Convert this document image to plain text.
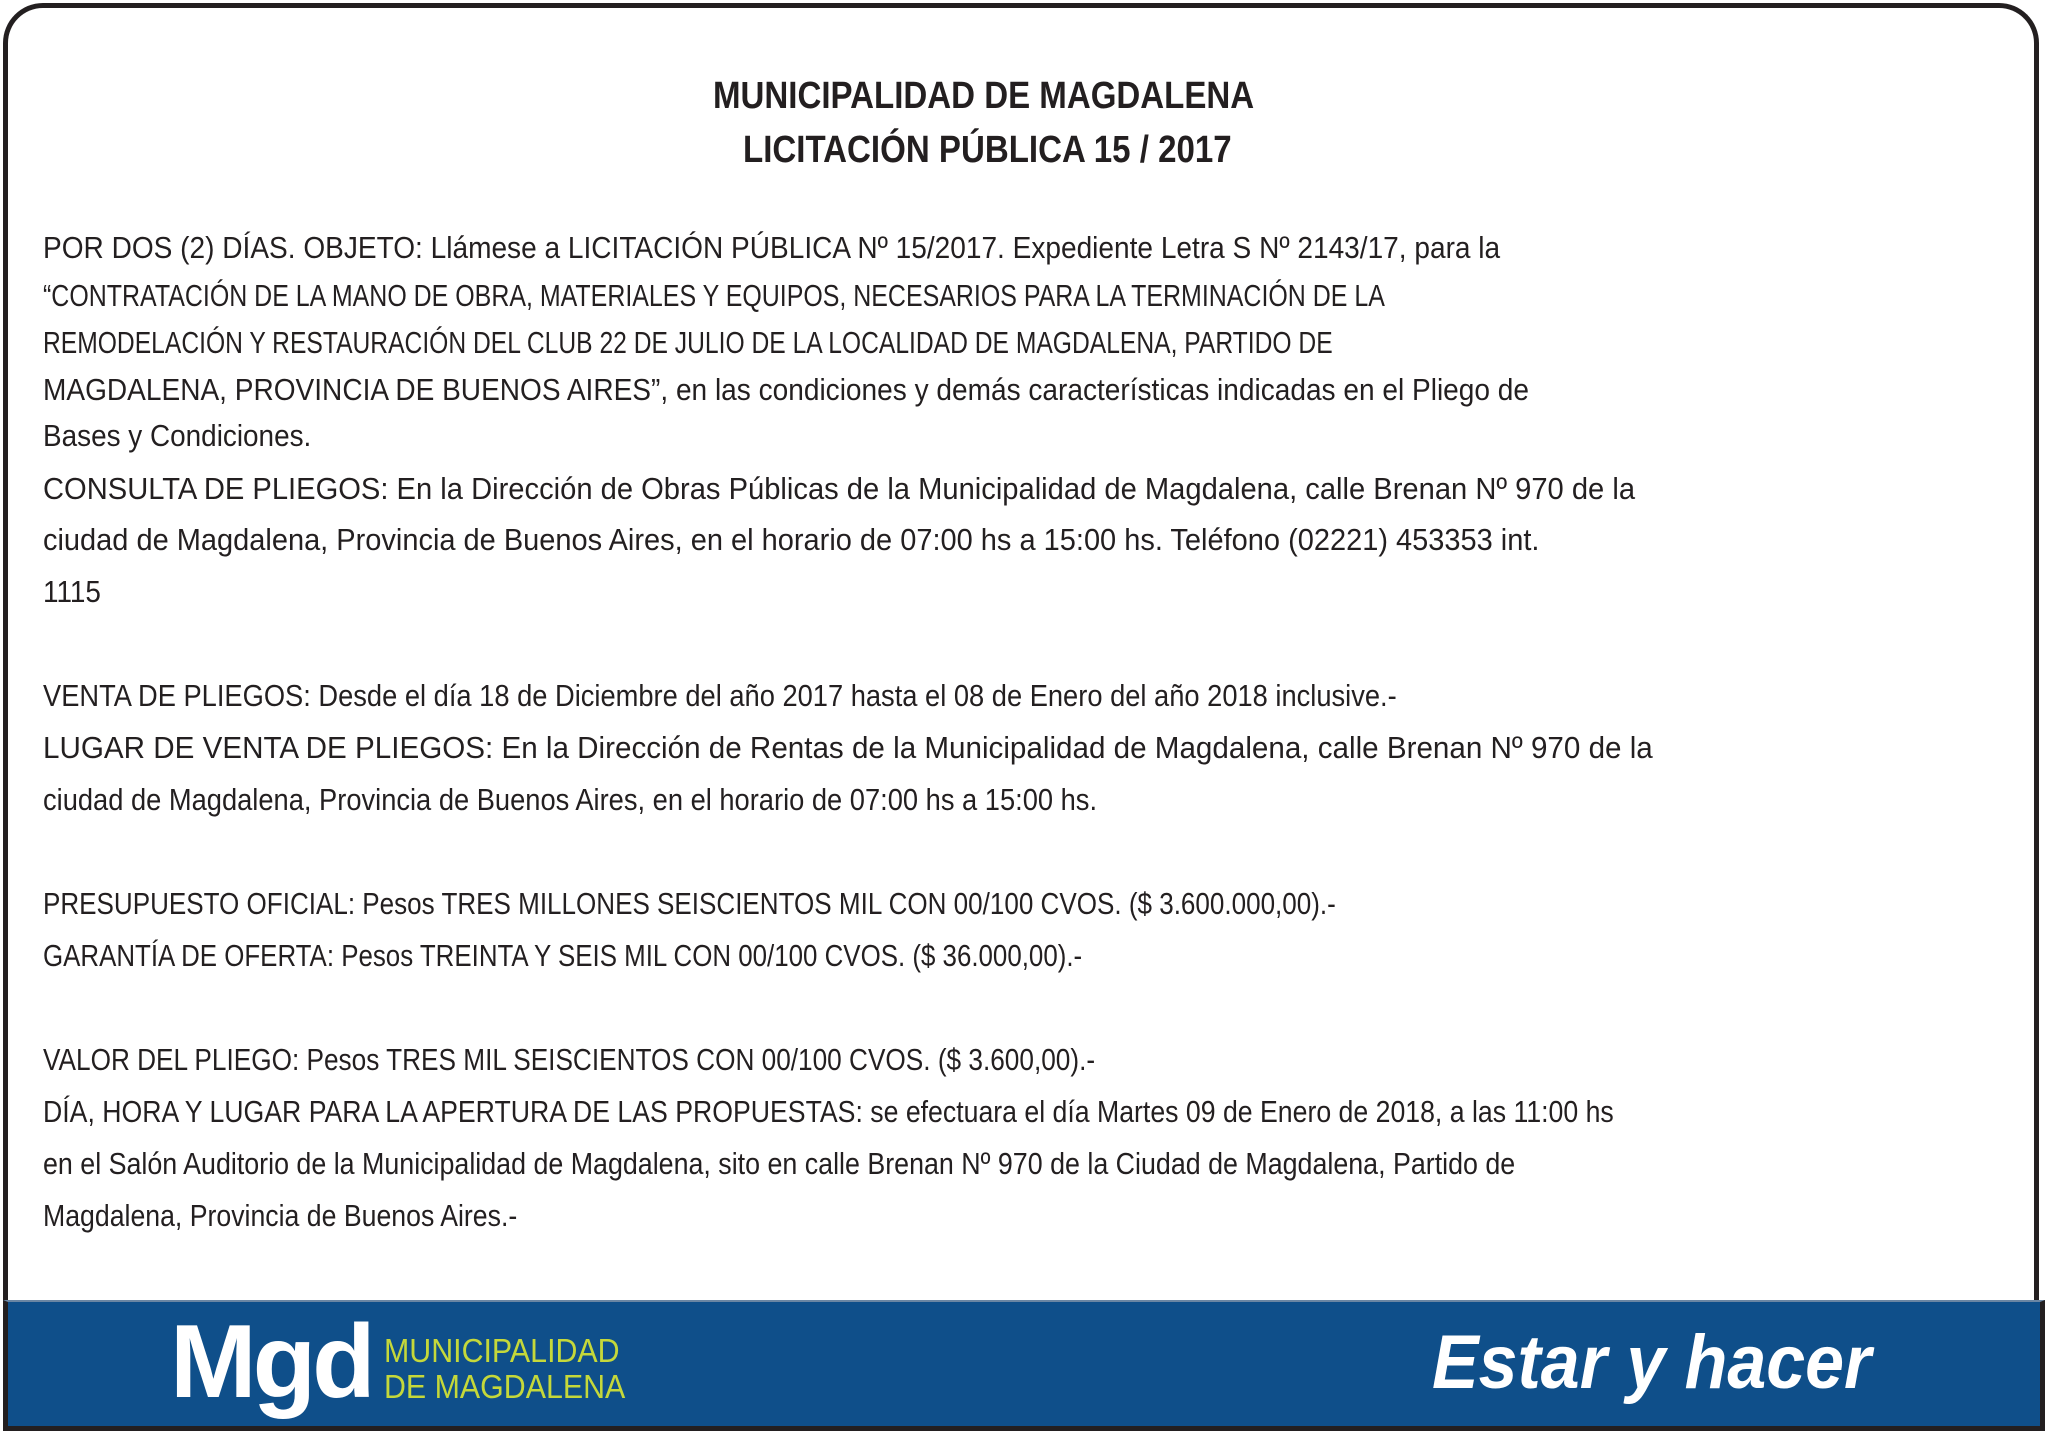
MUNICIPALIDAD DE MAGDALENA
LICITACIÓN PÚBLICA 15 / 2017
POR DOS (2) DÍAS. OBJETO: Llámese a LICITACIÓN PÚBLICA Nº 15/2017. Expediente Letra S Nº 2143/17, para la
“CONTRATACIÓN DE LA MANO DE OBRA, MATERIALES Y EQUIPOS, NECESARIOS PARA LA TERMINACIÓN DE LA
REMODELACIÓN Y RESTAURACIÓN DEL CLUB 22 DE JULIO DE LA LOCALIDAD DE MAGDALENA, PARTIDO DE
MAGDALENA, PROVINCIA DE BUENOS AIRES”, en las condiciones y demás características indicadas en el Pliego de
Bases y Condiciones.
CONSULTA DE PLIEGOS: En la Dirección de Obras Públicas de la Municipalidad de Magdalena, calle Brenan Nº 970 de la
ciudad de Magdalena, Provincia de Buenos Aires, en el horario de 07:00 hs a 15:00 hs. Teléfono (02221) 453353 int.
1115
VENTA DE PLIEGOS: Desde el día 18 de Diciembre del año 2017 hasta el 08 de Enero del año 2018 inclusive.-
LUGAR DE VENTA DE PLIEGOS: En la Dirección de Rentas de la Municipalidad de Magdalena, calle Brenan Nº 970 de la
ciudad de Magdalena, Provincia de Buenos Aires, en el horario de 07:00 hs a 15:00 hs.
PRESUPUESTO OFICIAL: Pesos TRES MILLONES SEISCIENTOS MIL CON 00/100 CVOS. ($ 3.600.000,00).-
GARANTÍA DE OFERTA: Pesos TREINTA Y SEIS MIL CON 00/100 CVOS. ($ 36.000,00).-
VALOR DEL PLIEGO: Pesos TRES MIL SEISCIENTOS CON 00/100 CVOS. ($ 3.600,00).-
DÍA, HORA Y LUGAR PARA LA APERTURA DE LAS PROPUESTAS: se efectuara el día Martes 09 de Enero de 2018, a las 11:00 hs
en el Salón Auditorio de la Municipalidad de Magdalena, sito en calle Brenan Nº 970 de la Ciudad de Magdalena, Partido de
Magdalena, Provincia de Buenos Aires.-
Mgd MUNICIPALIDAD
DE MAGDALENA	Estar y hacer
